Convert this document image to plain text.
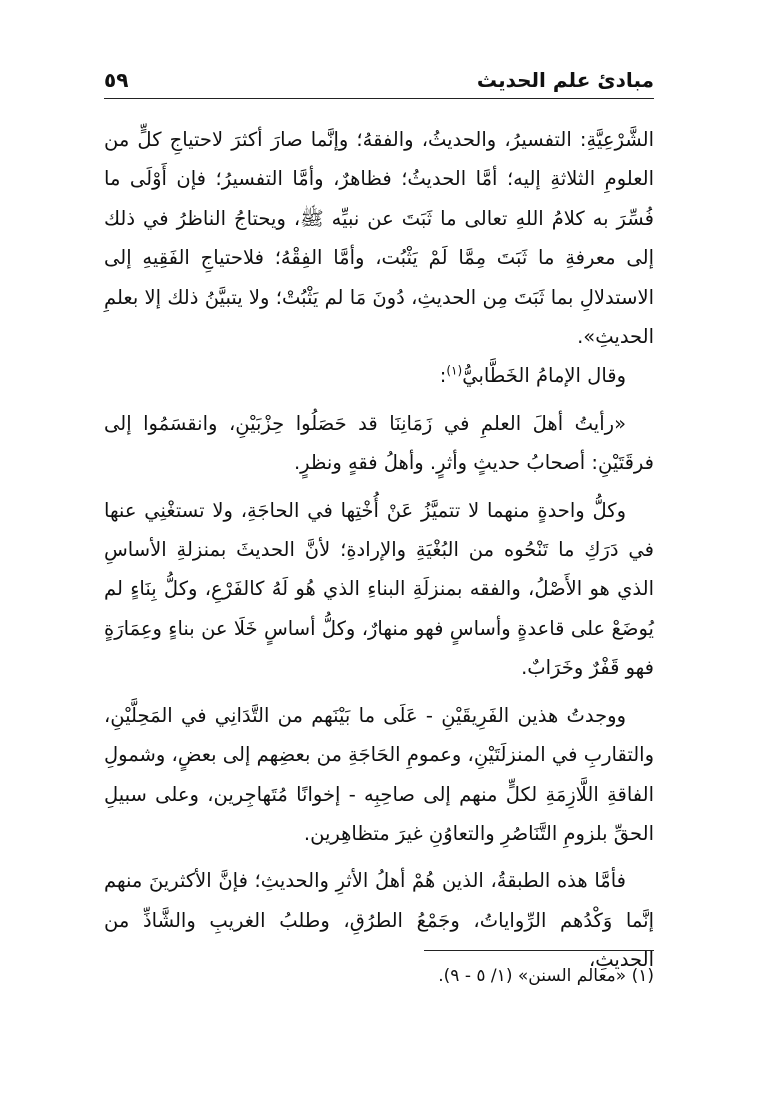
مبادئ علم الحديث
٥٩

الشَّرْعِيَّةِ: التفسيرُ، والحديثُ، والفقهُ؛ وإنَّما صارَ أكثرَ لاحتياجِ كلٍّ من العلومِ الثلاثةِ إليه؛ أمَّا الحديثُ؛ فظاهرٌ، وأمَّا التفسيرُ؛ فإن أَوْلَى ما فُسِّرَ به كلامُ اللهِ تعالى ما ثَبَتَ عن نبيِّه ﷺ، ويحتاجُ الناظرُ في ذلك إلى معرفةِ ما ثَبَتَ مِمَّا لَمْ يَثْبُت، وأمَّا الفِقْهُ؛ فلاحتياجِ الفَقِيهِ إلى الاستدلالِ بما ثَبَتَ مِن الحديثِ، دُونَ مَا لم يَثْبُتْ؛ ولا يتبيَّنُ ذلك إلا بعلمِ الحديثِ».

وقال الإمامُ الخَطَّابيُّ$^{(١)}$:

«رأيتُ أهلَ العلمِ في زَمَانِنَا قد حَصَلُوا حِزْبَيْنِ، وانقسَمُوا إلى فرقَتَيْنِ: أصحابُ حديثٍ وأثرٍ. وأهلُ فقهٍ ونظرٍ.

وكلُّ واحدةٍ منهما لا تتميَّزُ عَنْ أُخْتِها في الحاجَةِ، ولا تستغْنِي عنها في دَرَكِ ما تَنْحُوه من البُغْيَةِ والإرادةِ؛ لأنَّ الحديثَ بمنزلةِ الأساسِ الذي هو الأَصْلُ، والفقه بمنزلَةِ البناءِ الذي هُو لَهُ كالفَرْعِ، وكلُّ بِنَاءٍ لم يُوضَعْ على قاعدةٍ وأساسٍ فهو منهارٌ، وكلُّ أساسٍ خَلَا عن بناءٍ وعِمَارَةٍ فهو قَفْرٌ وخَرَابٌ.

ووجدتُ هذين الفَرِيقَيْنِ - عَلَى ما بَيْنَهم من التَّدَانِي في المَحِلَّيْنِ، والتقاربِ في المنزلَتَيْنِ، وعمومِ الحَاجَةِ من بعضِهم إلى بعضٍ، وشمولِ الفاقةِ اللَّازِمَةِ لكلٍّ منهم إلى صاحِبِه - إخوانًا مُتَهاجِرين، وعلى سبيلِ الحقِّ بلزومِ التَّنَاصُرِ والتعاوُنِ غيرَ متظاهِرين.

فأمَّا هذه الطبقةُ، الذين هُمْ أهلُ الأثرِ والحديثِ؛ فإنَّ الأكثرينَ منهم إنَّما وَكْدُهم الرِّواياتُ، وجَمْعُ الطرُقِ، وطلبُ الغريبِ والشَّاذِّ من الحديثِ،

(١) «معالم السنن» (١/ ٥ - ٩).
